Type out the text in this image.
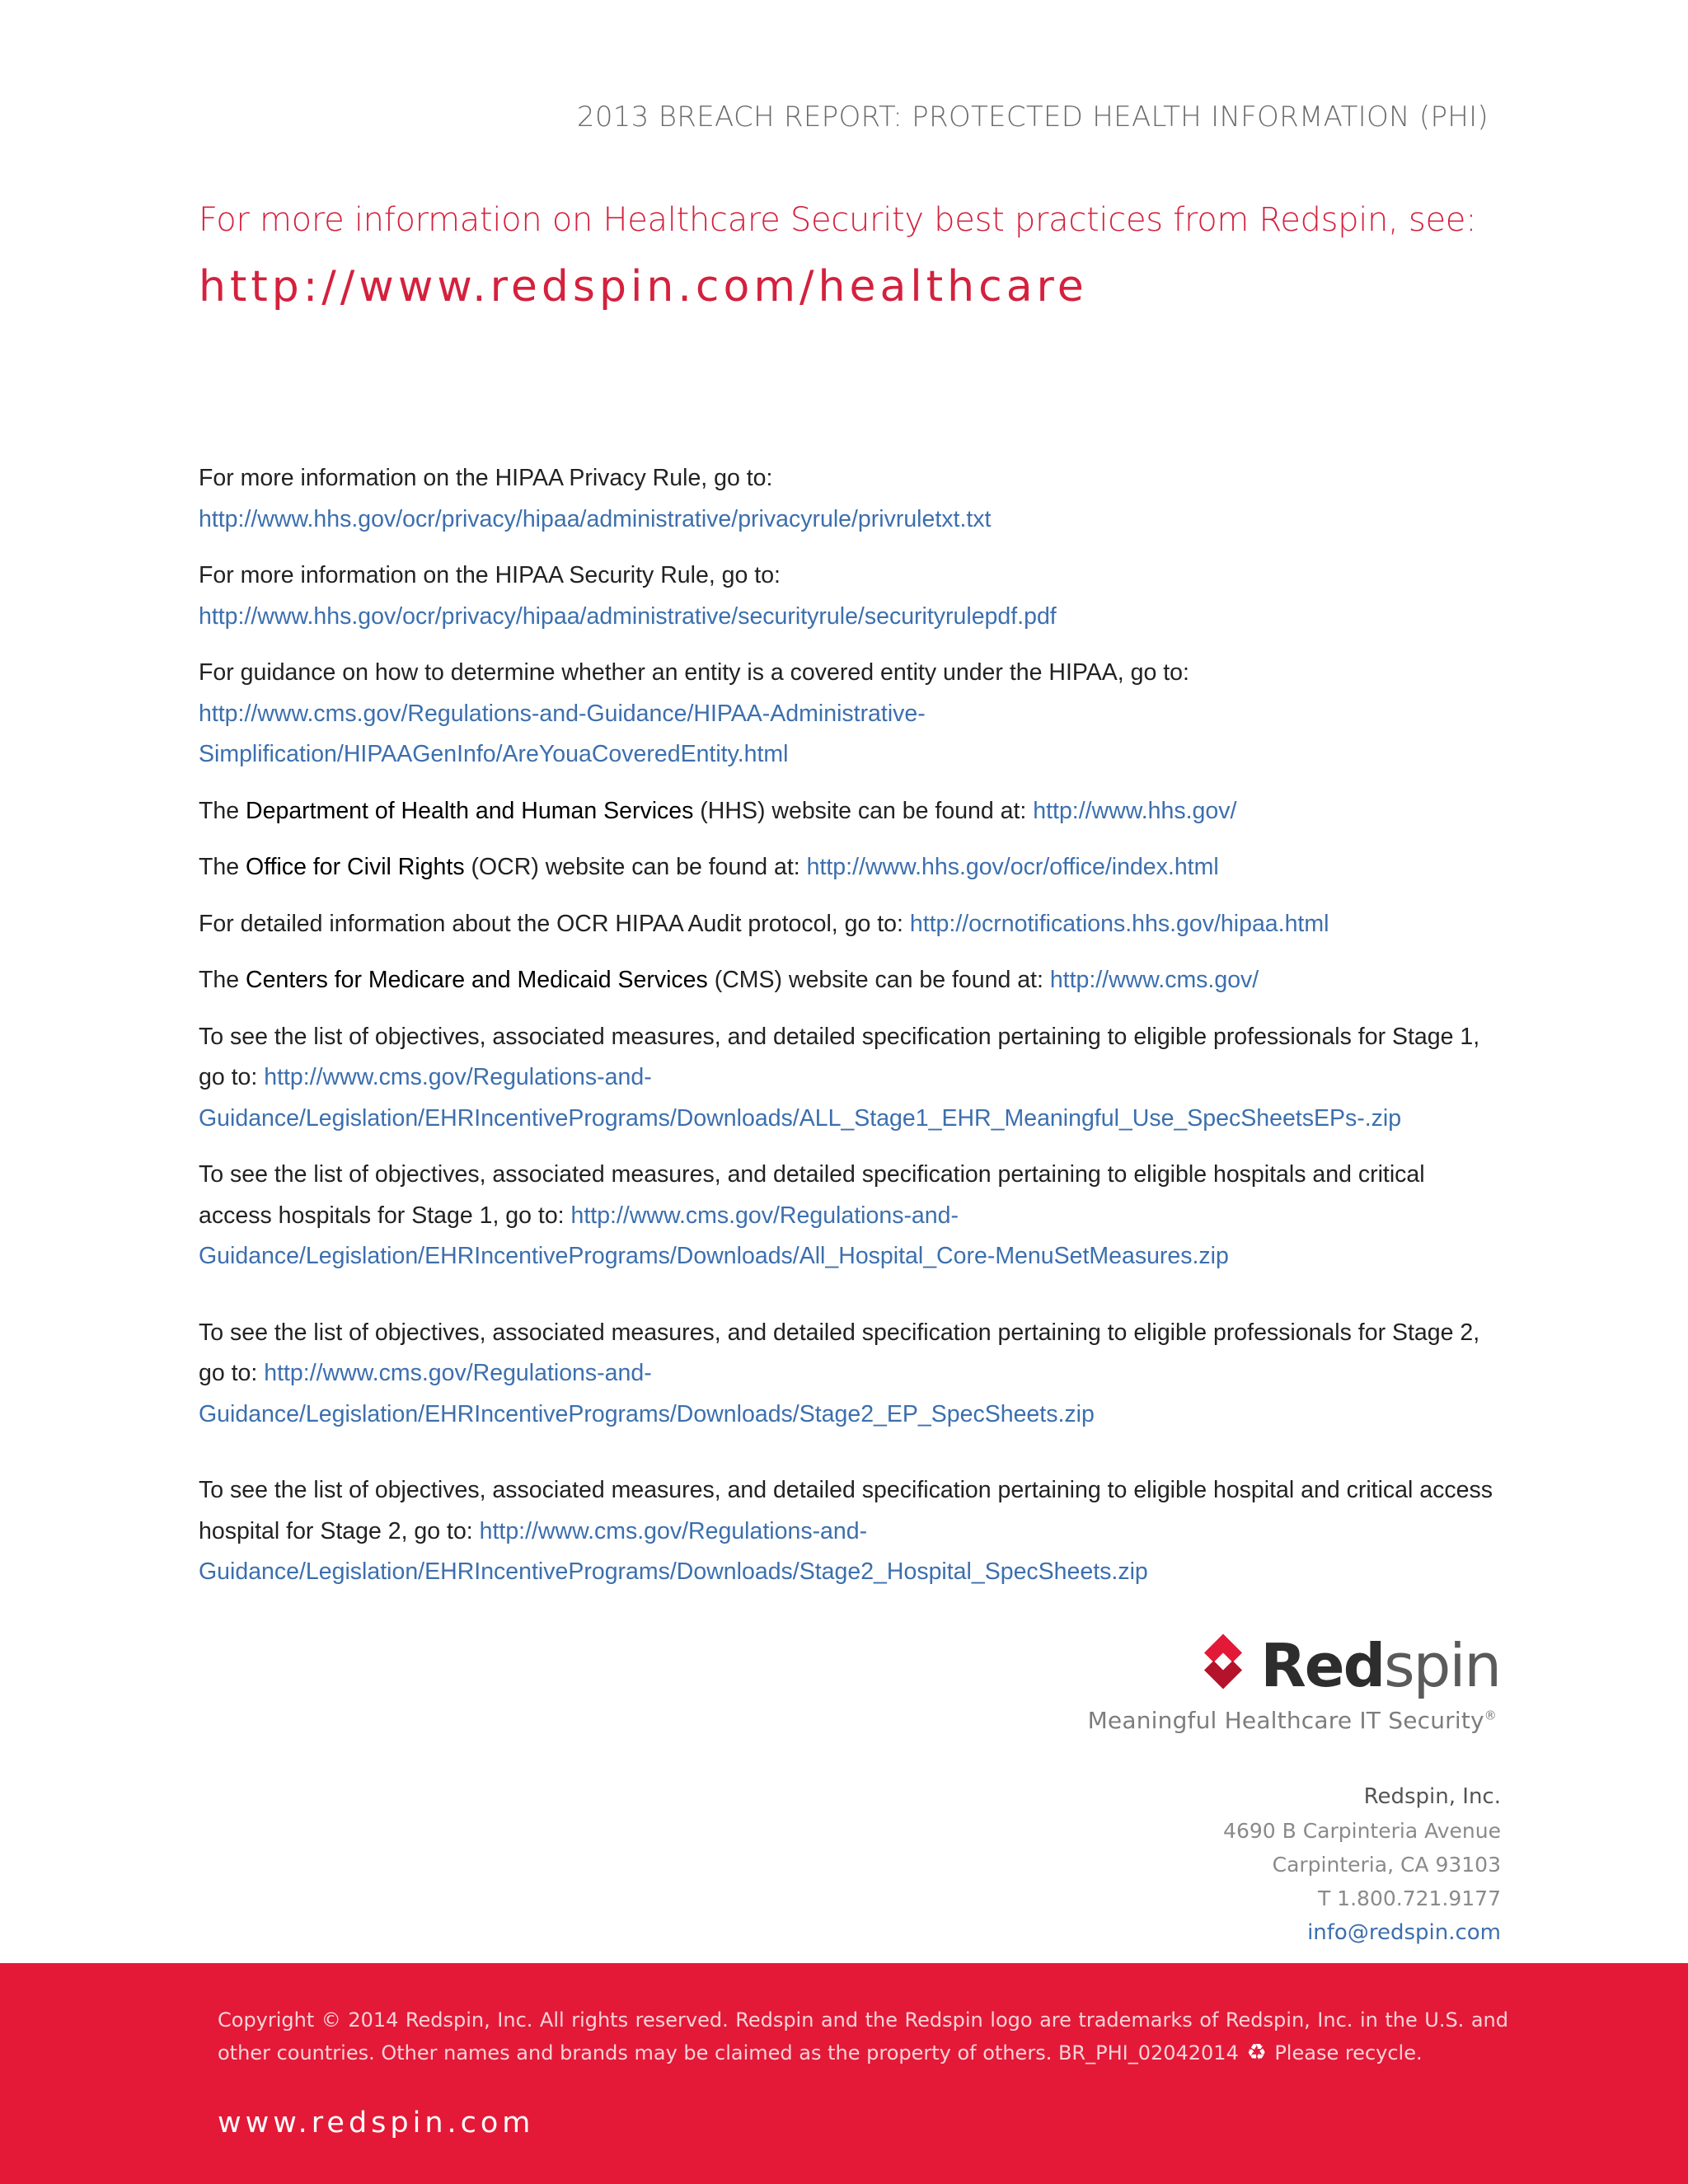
2013 BREACH REPORT: PROTECTED HEALTH INFORMATION (PHI)
For more information on Healthcare Security best practices from Redspin, see:
http://www.redspin.com/healthcare

For more information on the HIPAA Privacy Rule, go to:
http://www.hhs.gov/ocr/privacy/hipaa/administrative/privacyrule/privruletxt.txt

For more information on the HIPAA Security Rule, go to:
http://www.hhs.gov/ocr/privacy/hipaa/administrative/securityrule/securityrulepdf.pdf

For guidance on how to determine whether an entity is a covered entity under the HIPAA, go to:
http://www.cms.gov/Regulations-and-Guidance/HIPAA-Administrative-
Simplification/HIPAAGenInfo/AreYouaCoveredEntity.html

The Department of Health and Human Services (HHS) website can be found at: http://www.hhs.gov/

The Office for Civil Rights (OCR) website can be found at: http://www.hhs.gov/ocr/office/index.html

For detailed information about the OCR HIPAA Audit protocol, go to: http://ocrnotifications.hhs.gov/hipaa.html

The Centers for Medicare and Medicaid Services (CMS) website can be found at: http://www.cms.gov/

To see the list of objectives, associated measures, and detailed specification pertaining to eligible professionals for Stage 1, go to: http://www.cms.gov/Regulations-and-
Guidance/Legislation/EHRIncentivePrograms/Downloads/ALL_Stage1_EHR_Meaningful_Use_SpecSheetsEPs-.zip

To see the list of objectives, associated measures, and detailed specification pertaining to eligible hospitals and critical access hospitals for Stage 1, go to: http://www.cms.gov/Regulations-and-
Guidance/Legislation/EHRIncentivePrograms/Downloads/All_Hospital_Core-MenuSetMeasures.zip

To see the list of objectives, associated measures, and detailed specification pertaining to eligible professionals for Stage 2, go to: http://www.cms.gov/Regulations-and-
Guidance/Legislation/EHRIncentivePrograms/Downloads/Stage2_EP_SpecSheets.zip

To see the list of objectives, associated measures, and detailed specification pertaining to eligible hospital and critical access hospital for Stage 2, go to: http://www.cms.gov/Regulations-and-
Guidance/Legislation/EHRIncentivePrograms/Downloads/Stage2_Hospital_SpecSheets.zip

Redspin
Meaningful Healthcare IT Security®
Redspin, Inc.
4690 B Carpinteria Avenue
Carpinteria, CA 93103
T 1.800.721.9177
info@redspin.com
Copyright © 2014 Redspin, Inc. All rights reserved. Redspin and the Redspin logo are trademarks of Redspin, Inc. in the U.S. and other countries. Other names and brands may be claimed as the property of others. BR_PHI_02042014 ♻ Please recycle.
www.redspin.com
